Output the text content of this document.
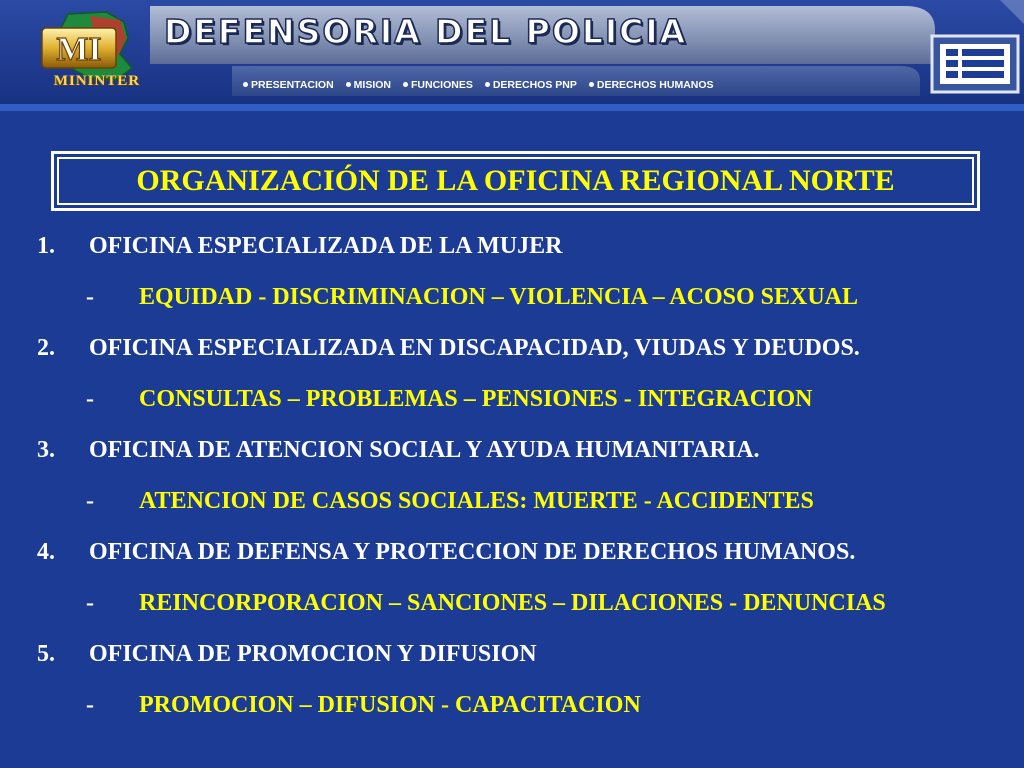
MI
MININTER
DEFENSORIA DEL POLICIA
PRESENTACION	MISION	FUNCIONES	DERECHOS PNP	DERECHOS HUMANOS
ORGANIZACIÓN DE LA OFICINA REGIONAL NORTE
1. OFICINA ESPECIALIZADA DE LA MUJER
- EQUIDAD - DISCRIMINACION – VIOLENCIA – ACOSO SEXUAL
2. OFICINA ESPECIALIZADA EN DISCAPACIDAD, VIUDAS Y DEUDOS.
- CONSULTAS – PROBLEMAS – PENSIONES - INTEGRACION
3. OFICINA DE ATENCION SOCIAL Y AYUDA HUMANITARIA.
- ATENCION DE CASOS SOCIALES: MUERTE - ACCIDENTES
4. OFICINA DE DEFENSA Y PROTECCION DE DERECHOS HUMANOS.
- REINCORPORACION – SANCIONES – DILACIONES - DENUNCIAS
5. OFICINA DE PROMOCION Y DIFUSION
- PROMOCION – DIFUSION - CAPACITACION
